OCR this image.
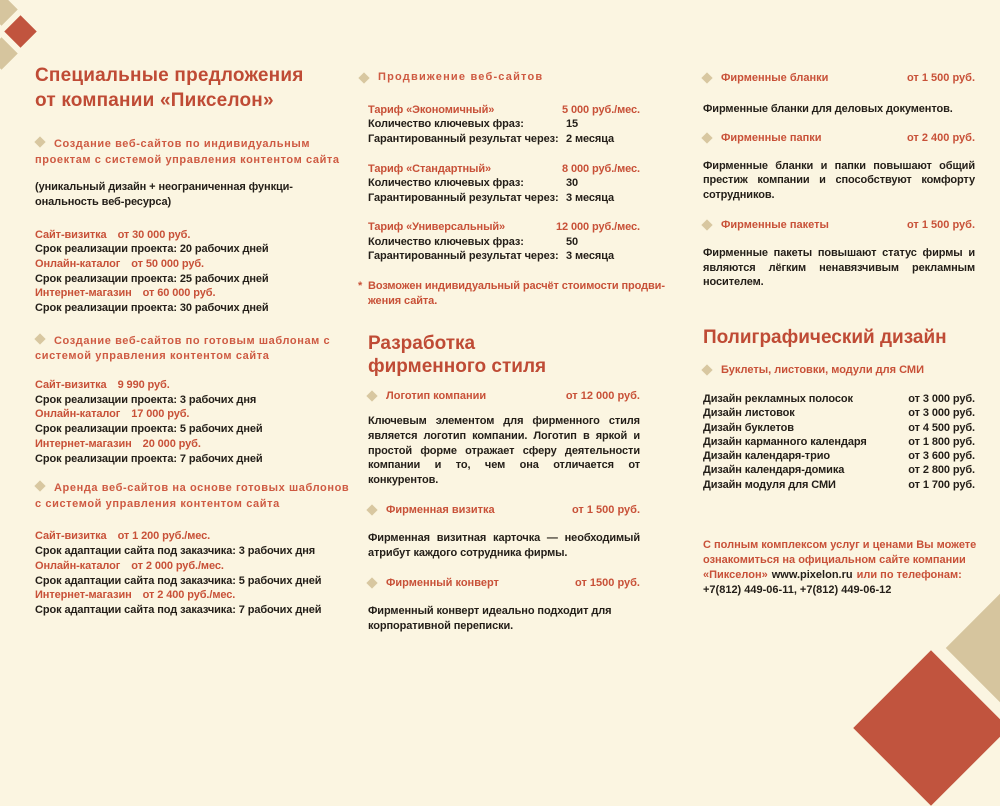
Специальные предложения
от компании «Пикселон»
Создание веб-сайтов по индивидуальным
проектам с системой управления контентом сайта
(уникальный дизайн + неограниченная функци-ональность веб-ресурса)
Сайт-визитка от 30 000 руб.
Срок реализации проекта: 20 рабочих дней
Онлайн-каталог от 50 000 руб.
Срок реализации проекта: 25 рабочих дней
Интернет-магазин от 60 000 руб.
Срок реализации проекта: 30 рабочих дней
Создание веб-сайтов по готовым шаблонам с
системой управления контентом сайта
Сайт-визитка 9 990 руб.
Срок реализации проекта: 3 рабочих дня
Онлайн-каталог 17 000 руб.
Срок реализации проекта: 5 рабочих дней
Интернет-магазин 20 000 руб.
Срок реализации проекта: 7 рабочих дней
Аренда веб-сайтов на основе готовых шаблонов
с системой управления контентом сайта
Сайт-визитка от 1 200 руб./мес.
Срок адаптации сайта под заказчика: 3 рабочих дня
Онлайн-каталог от 2 000 руб./мес.
Срок адаптации сайта под заказчика: 5 рабочих дней
Интернет-магазин от 2 400 руб./мес.
Срок адаптации сайта под заказчика: 7 рабочих дней
Продвижение веб-сайтов
Тариф «Экономичный»	5 000 руб./мес.
Количество ключевых фраз:	15
Гарантированный результат через: 2 месяца
Тариф «Стандартный»	8 000 руб./мес.
Количество ключевых фраз:	30
Гарантированный результат через: 3 месяца
Тариф «Универсальный»	12 000 руб./мес.
Количество ключевых фраз:	50
Гарантированный результат через: 3 месяца
* Возможен индивидуальный расчёт стоимости продви-
жения сайта.
Разработка
фирменного стиля
Логотип компании	от 12 000 руб.
Ключевым элементом для фирменного стиля является логотип компании. Логотип в яркой и простой форме отражает сферу деятельности компании и то, чем она отличается от конкурентов.
Фирменная визитка	от 1 500 руб.
Фирменная визитная карточка — необходимый атрибут каждого сотрудника фирмы.
Фирменный конверт	от 1500 руб.
Фирменный конверт идеально подходит для корпоративной переписки.
Фирменные бланки	от 1 500 руб.
Фирменные бланки для деловых документов.
Фирменные папки	от 2 400 руб.
Фирменные бланки и папки повышают общий престиж компании и способствуют комфорту сотрудников.
Фирменные пакеты	от 1 500 руб.
Фирменные пакеты повышают статус фирмы и являются лёгким ненавязчивым рекламным носителем.
Полиграфический дизайн
Буклеты, листовки, модули для СМИ
Дизайн рекламных полосок	от 3 000 руб.
Дизайн листовок	от 3 000 руб.
Дизайн буклетов	от 4 500 руб.
Дизайн карманного календаря	от 1 800 руб.
Дизайн календаря-трио	от 3 600 руб.
Дизайн календаря-домика	от 2 800 руб.
Дизайн модуля для СМИ	от 1 700 руб.
С полным комплексом услуг и ценами Вы можете
ознакомиться на официальном сайте компании
«Пикселон» www.pixelon.ru или по телефонам:
+7(812) 449-06-11, +7(812) 449-06-12
